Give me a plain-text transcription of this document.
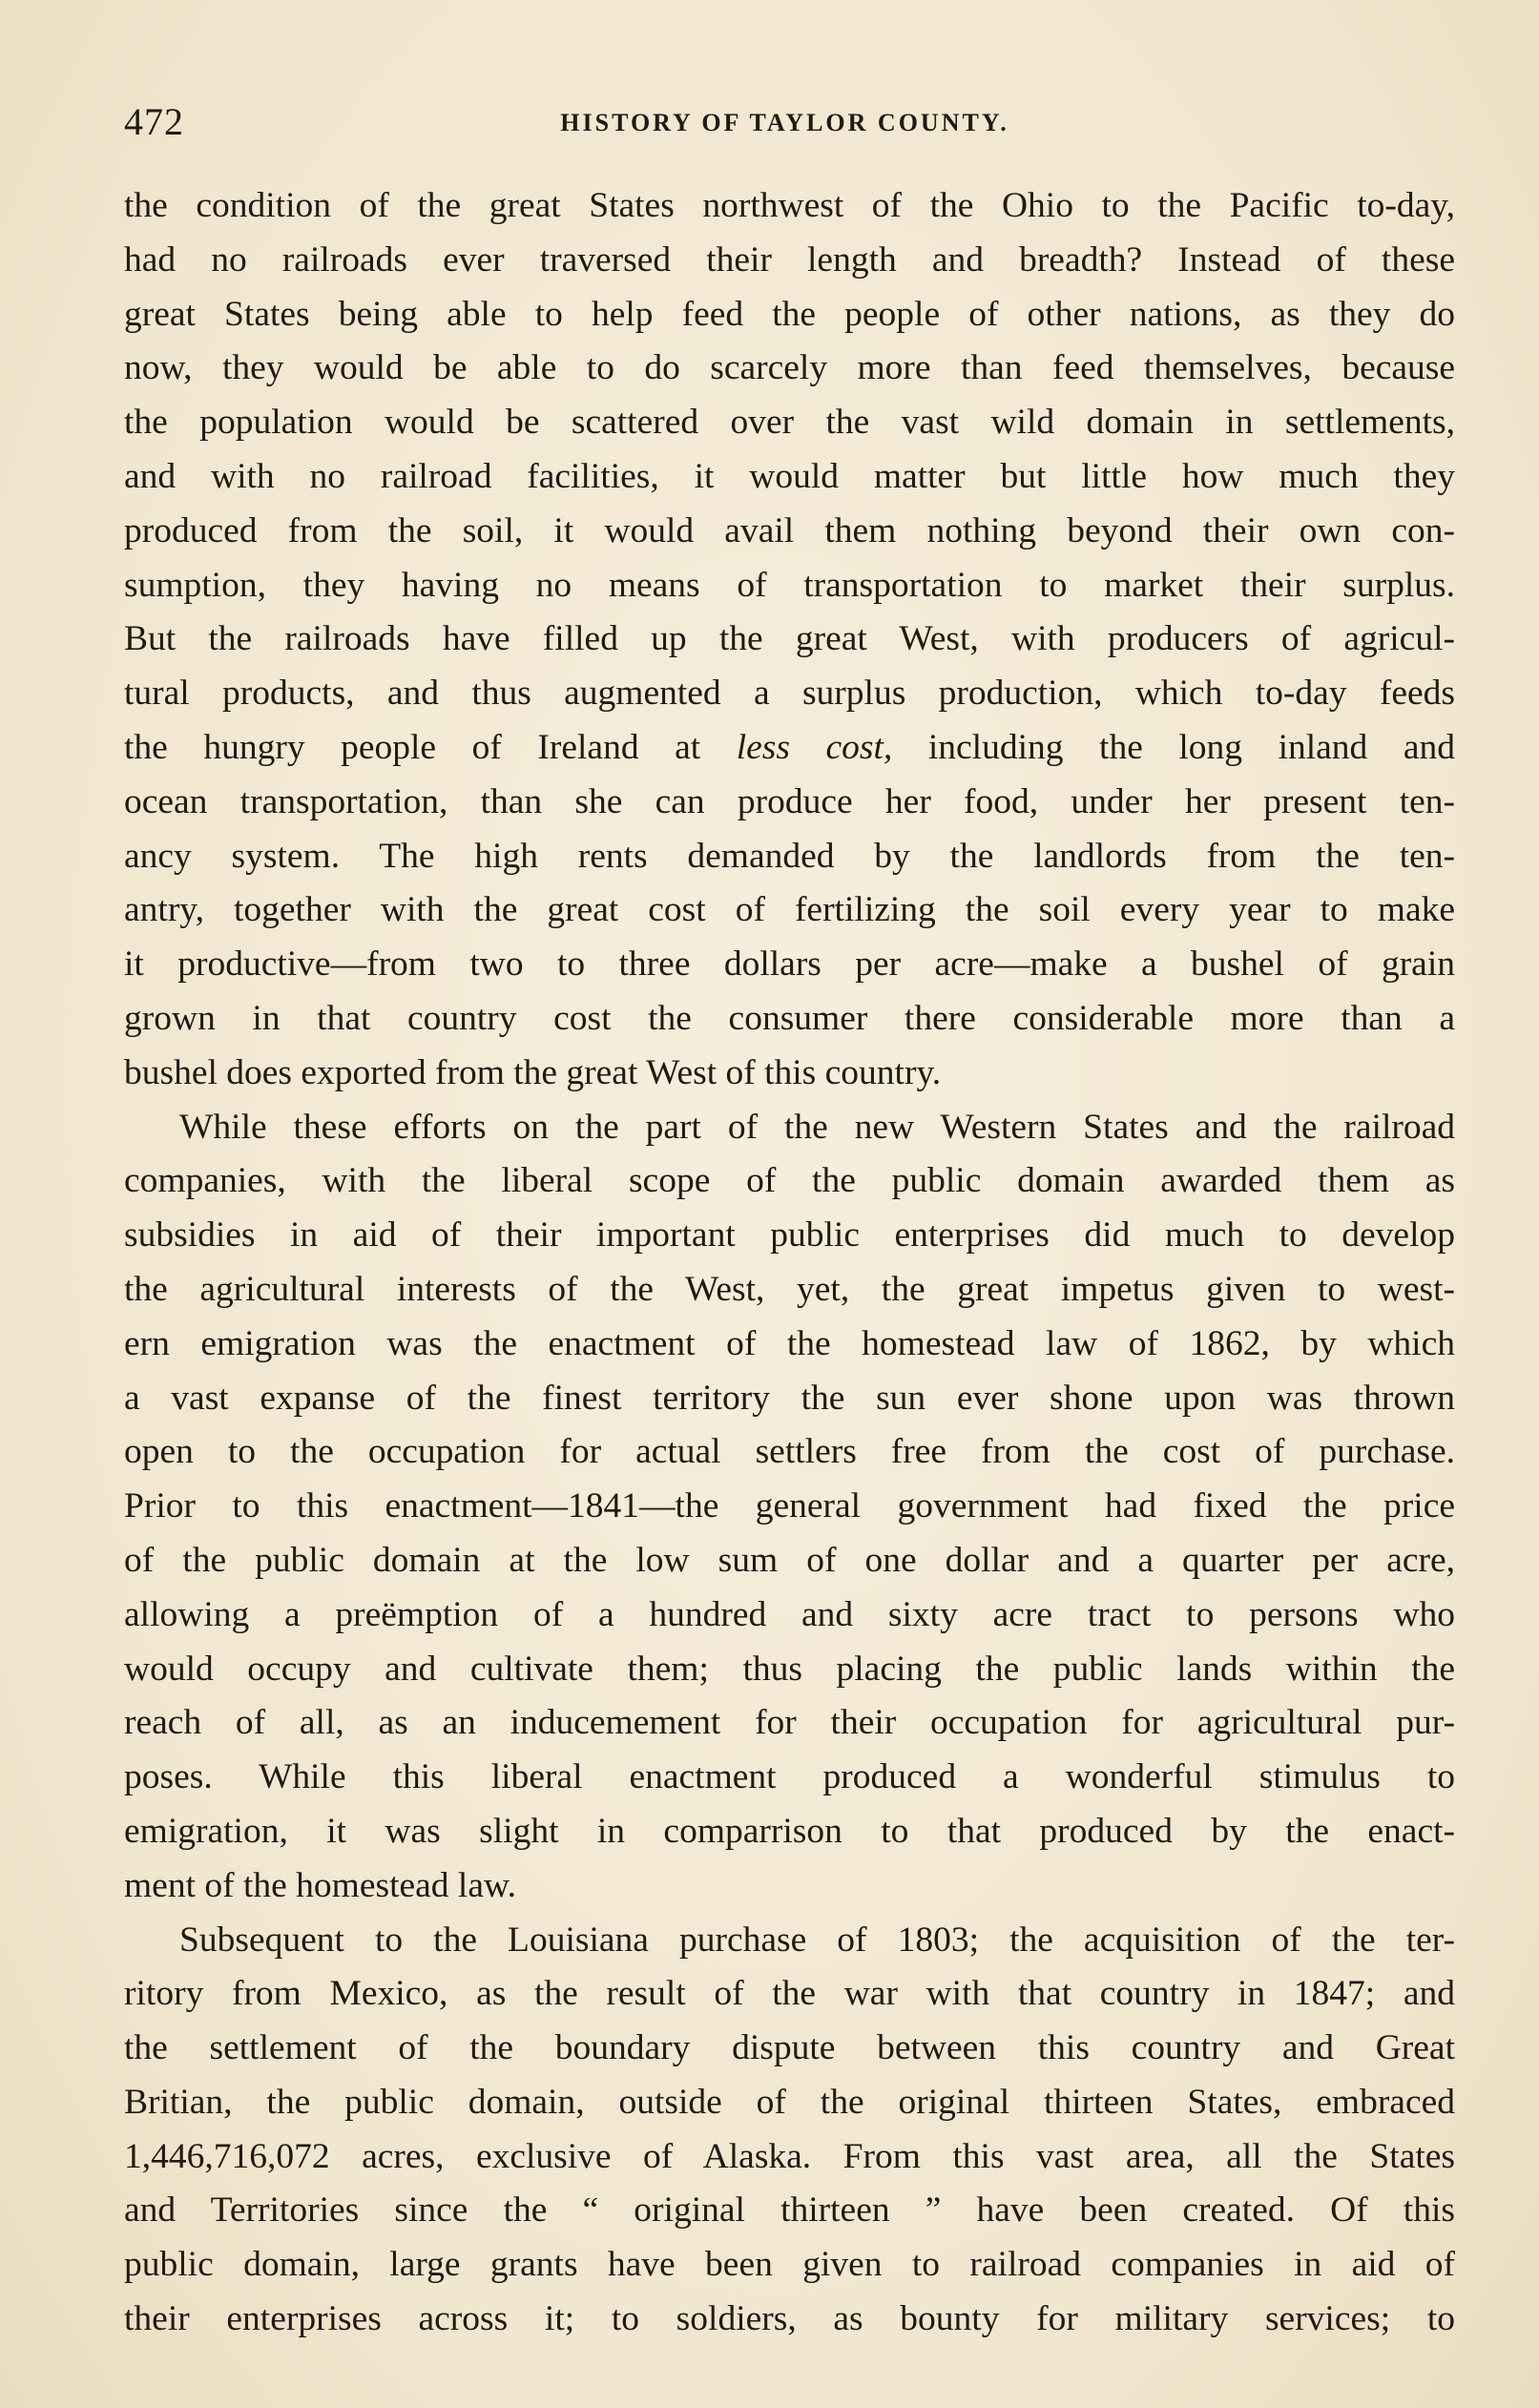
472	HISTORY OF TAYLOR COUNTY.
the condition of the great States northwest of the Ohio to the Pacific to-day,
had no railroads ever traversed their length and breadth? Instead of these
great States being able to help feed the people of other nations, as they do
now, they would be able to do scarcely more than feed themselves, because
the population would be scattered over the vast wild domain in settlements,
and with no railroad facilities, it would matter but little how much they
produced from the soil, it would avail them nothing beyond their own con-
sumption, they having no means of transportation to market their surplus.
But the railroads have filled up the great West, with producers of agricul-
tural products, and thus augmented a surplus production, which to-day feeds
the hungry people of Ireland at less cost, including the long inland and
ocean transportation, than she can produce her food, under her present ten-
ancy system. The high rents demanded by the landlords from the ten-
antry, together with the great cost of fertilizing the soil every year to make
it productive—from two to three dollars per acre—make a bushel of grain
grown in that country cost the consumer there considerable more than a
bushel does exported from the great West of this country.
While these efforts on the part of the new Western States and the railroad
companies, with the liberal scope of the public domain awarded them as
subsidies in aid of their important public enterprises did much to develop
the agricultural interests of the West, yet, the great impetus given to west-
ern emigration was the enactment of the homestead law of 1862, by which
a vast expanse of the finest territory the sun ever shone upon was thrown
open to the occupation for actual settlers free from the cost of purchase.
Prior to this enactment—1841—the general government had fixed the price
of the public domain at the low sum of one dollar and a quarter per acre,
allowing a preëmption of a hundred and sixty acre tract to persons who
would occupy and cultivate them; thus placing the public lands within the
reach of all, as an inducemement for their occupation for agricultural pur-
poses. While this liberal enactment produced a wonderful stimulus to
emigration, it was slight in comparrison to that produced by the enact-
ment of the homestead law.
Subsequent to the Louisiana purchase of 1803; the acquisition of the ter-
ritory from Mexico, as the result of the war with that country in 1847; and
the settlement of the boundary dispute between this country and Great
Britian, the public domain, outside of the original thirteen States, embraced
1,446,716,072 acres, exclusive of Alaska. From this vast area, all the States
and Territories since the “ original thirteen ” have been created. Of this
public domain, large grants have been given to railroad companies in aid of
their enterprises across it; to soldiers, as bounty for military services; to
